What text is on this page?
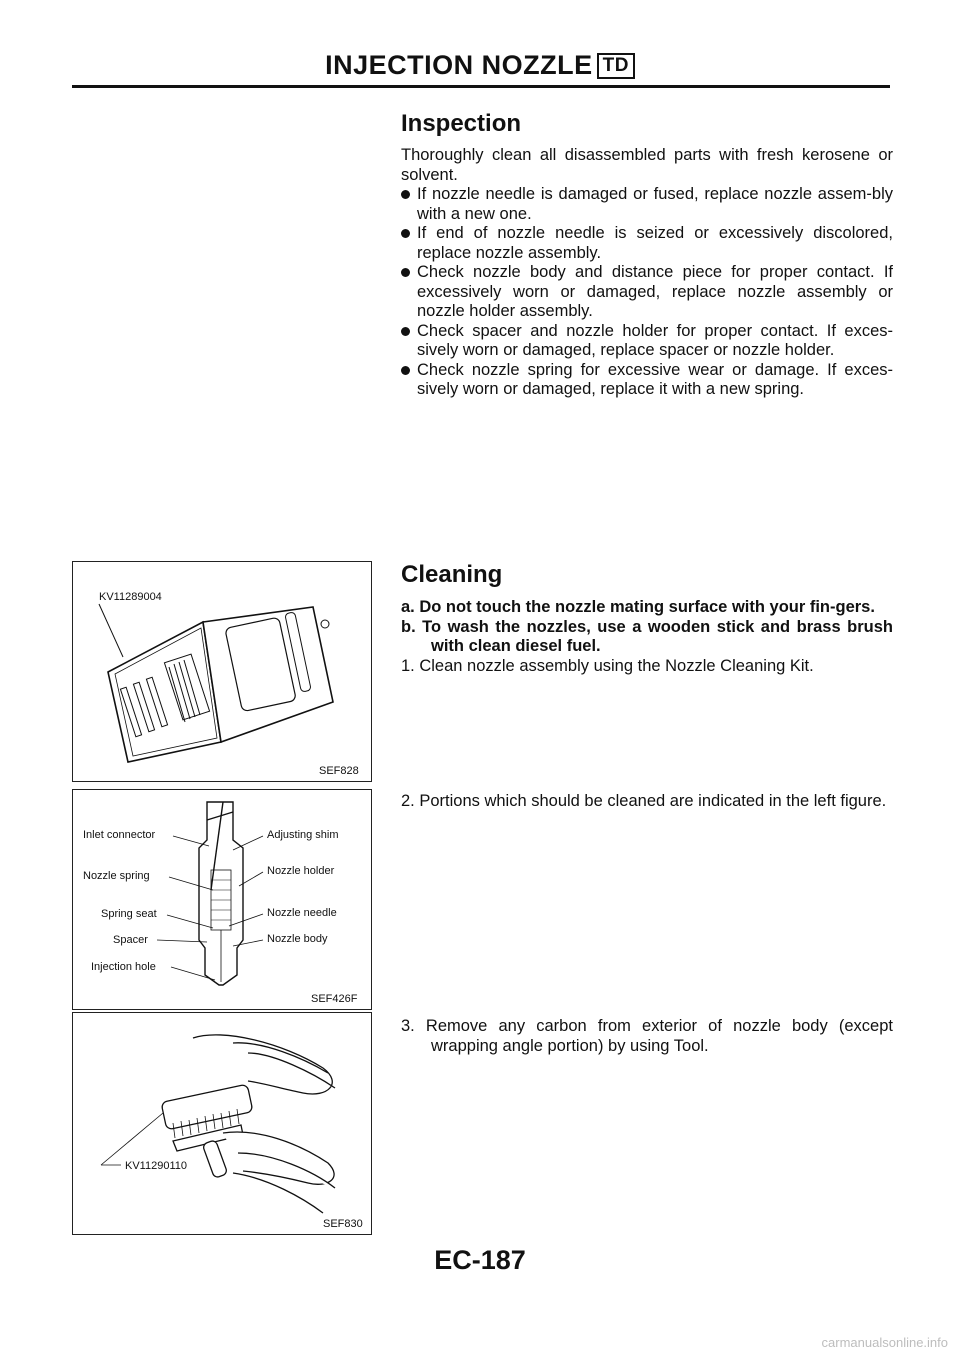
INJECTION NOZZLE TD
Inspection

Thoroughly clean all disassembled parts with fresh kerosene or solvent.

If nozzle needle is damaged or fused, replace nozzle assem-bly with a new one.
If end of nozzle needle is seized or excessively discolored, replace nozzle assembly.
Check nozzle body and distance piece for proper contact. If excessively worn or damaged, replace nozzle assembly or nozzle holder assembly.
Check spacer and nozzle holder for proper contact. If exces-sively worn or damaged, replace spacer or nozzle holder.
Check nozzle spring for excessive wear or damage. If exces-sively worn or damaged, replace it with a new spring.
Cleaning

a. Do not touch the nozzle mating surface with your fin-gers.

b. To wash the nozzles, use a wooden stick and brass brush with clean diesel fuel.

1. Clean nozzle assembly using the Nozzle Cleaning Kit.

2. Portions which should be cleaned are indicated in the left figure.

3. Remove any carbon from exterior of nozzle body (except wrapping angle portion) by using Tool.

KV11289004
SEF828
Inlet connector
Nozzle spring
Spring seat
Spacer
Injection hole
Adjusting shim
Nozzle holder
Nozzle needle
Nozzle body
SEF426F
KV11290110
SEF830
EC-187
carmanualsonline.info
